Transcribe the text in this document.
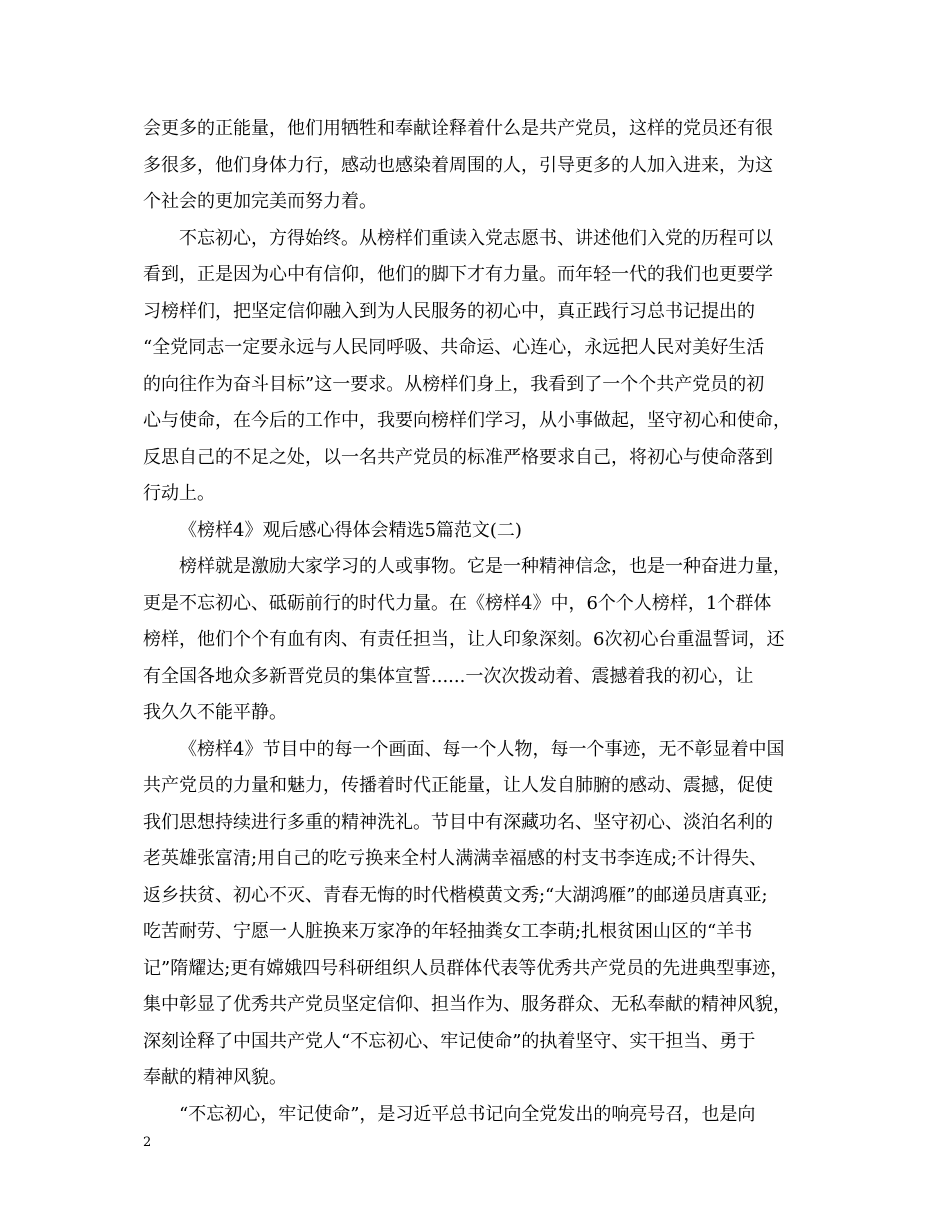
会更多的正能量，他们用牺牲和奉献诠释着什么是共产党员，这样的党员还有很
多很多，他们身体力行，感动也感染着周围的人，引导更多的人加入进来，为这
个社会的更加完美而努力着。
不忘初心，方得始终。从榜样们重读入党志愿书、讲述他们入党的历程可以
看到，正是因为心中有信仰，他们的脚下才有力量。而年轻一代的我们也更要学
习榜样们，把坚定信仰融入到为人民服务的初心中，真正践行习总书记提出的
“全党同志一定要永远与人民同呼吸、共命运、心连心，永远把人民对美好生活
的向往作为奋斗目标”这一要求。从榜样们身上，我看到了一个个共产党员的初
心与使命，在今后的工作中，我要向榜样们学习，从小事做起，坚守初心和使命，
反思自己的不足之处，以一名共产党员的标准严格要求自己，将初心与使命落到
行动上。
《榜样4》观后感心得体会精选5篇范文(二)
榜样就是激励大家学习的人或事物。它是一种精神信念，也是一种奋进力量，
更是不忘初心、砥砺前行的时代力量。在《榜样4》中，6个个人榜样，1个群体
榜样，他们个个有血有肉、有责任担当，让人印象深刻。6次初心台重温誓词，还
有全国各地众多新晋党员的集体宣誓......一次次拨动着、震撼着我的初心，让
我久久不能平静。
《榜样4》节目中的每一个画面、每一个人物，每一个事迹，无不彰显着中国
共产党员的力量和魅力，传播着时代正能量，让人发自肺腑的感动、震撼，促使
我们思想持续进行多重的精神洗礼。节目中有深藏功名、坚守初心、淡泊名利的
老英雄张富清;用自己的吃亏换来全村人满满幸福感的村支书李连成;不计得失、
返乡扶贫、初心不灭、青春无悔的时代楷模黄文秀;“大湖鸿雁”的邮递员唐真亚;
吃苦耐劳、宁愿一人脏换来万家净的年轻抽粪女工李萌;扎根贫困山区的“羊书
记”隋耀达;更有嫦娥四号科研组织人员群体代表等优秀共产党员的先进典型事迹，
集中彰显了优秀共产党员坚定信仰、担当作为、服务群众、无私奉献的精神风貌，
深刻诠释了中国共产党人“不忘初心、牢记使命”的执着坚守、实干担当、勇于
奉献的精神风貌。
“不忘初心，牢记使命”，是习近平总书记向全党发出的响亮号召，也是向
2
